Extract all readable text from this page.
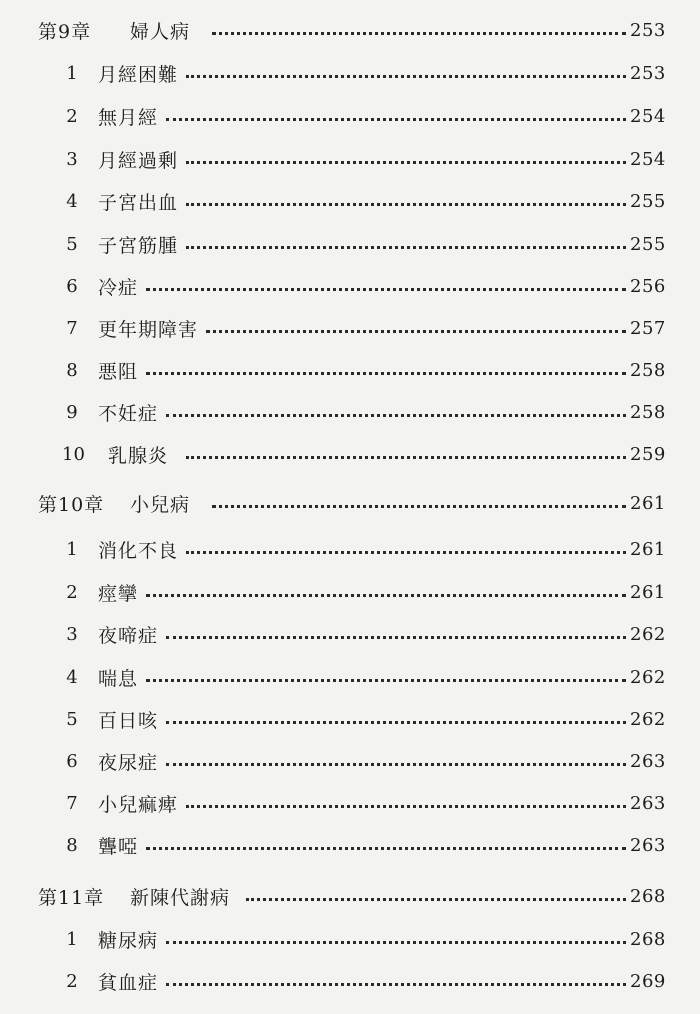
第9章 婦人病	253
1	月經困難	253
2	無月經	254
3	月經過剰	254
4	子宮出血	255
5	子宮筋腫	255
6	冷症	256
7	更年期障害	257
8	悪阻	258
9	不妊症	258
10	乳腺炎	259
第10章 小兒病	261
1	消化不良	261
2	痙攣	261
3	夜啼症	262
4	喘息	262
5	百日咳	262
6	夜尿症	263
7	小兒痲痺	263
8	聾啞	263
第11章 新陳代謝病	268
1	糖尿病	268
2	貧血症	269
